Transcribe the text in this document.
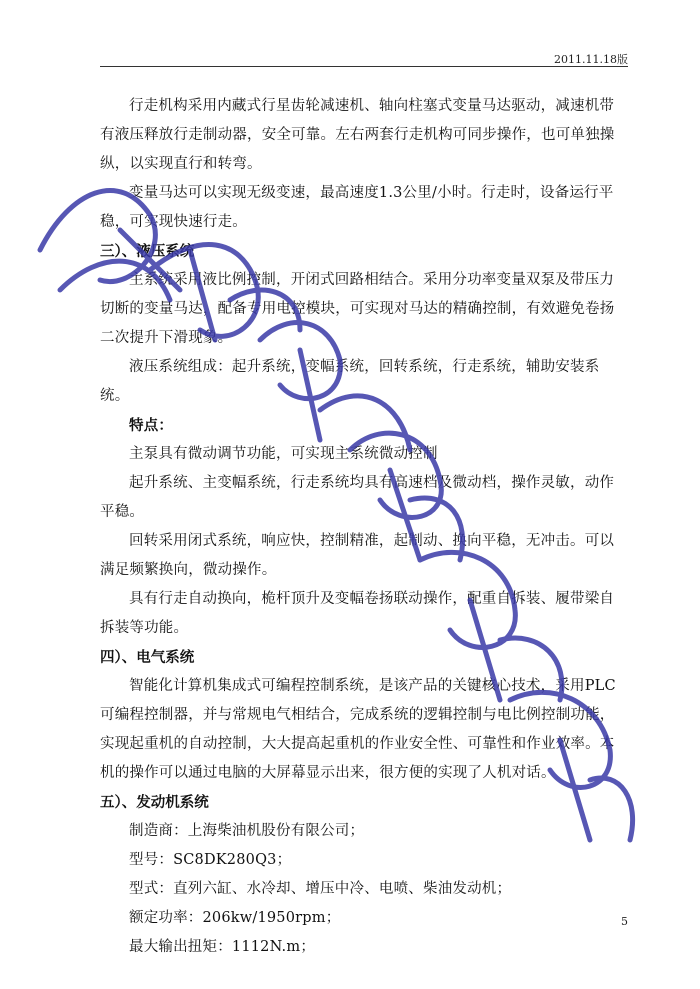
2011.11.18版

行走机构采用内藏式行星齿轮减速机、轴向柱塞式变量马达驱动，减速机带有液压释放行走制动器，安全可靠。左右两套行走机构可同步操作，也可单独操纵，以实现直行和转弯。

变量马达可以实现无级变速，最高速度1.3公里/小时。行走时，设备运行平稳，可实现快速行走。

三）、液压系统

主系统采用液比例控制，开闭式回路相结合。采用分功率变量双泵及带压力切断的变量马达，配备专用电控模块，可实现对马达的精确控制，有效避免卷扬二次提升下滑现象。

液压系统组成：起升系统，变幅系统，回转系统，行走系统，辅助安装系统。

特点：

主泵具有微动调节功能，可实现主系统微动控制

起升系统、主变幅系统，行走系统均具有高速档及微动档，操作灵敏，动作平稳。

回转采用闭式系统，响应快，控制精准，起制动、换向平稳，无冲击。可以满足频繁换向，微动操作。

具有行走自动换向，桅杆顶升及变幅卷扬联动操作，配重自拆装、履带梁自拆装等功能。

四）、电气系统

智能化计算机集成式可编程控制系统，是该产品的关键核心技术，采用PLC可编程控制器，并与常规电气相结合，完成系统的逻辑控制与电比例控制功能，实现起重机的自动控制，大大提高起重机的作业安全性、可靠性和作业效率。本机的操作可以通过电脑的大屏幕显示出来，很方便的实现了人机对话。

五）、发动机系统

制造商：上海柴油机股份有限公司；

型号：SC8DK280Q3；

型式：直列六缸、水冷却、增压中冷、电喷、柴油发动机；

额定功率：206kw/1950rpm；

最大输出扭矩：1112N.m；

5
